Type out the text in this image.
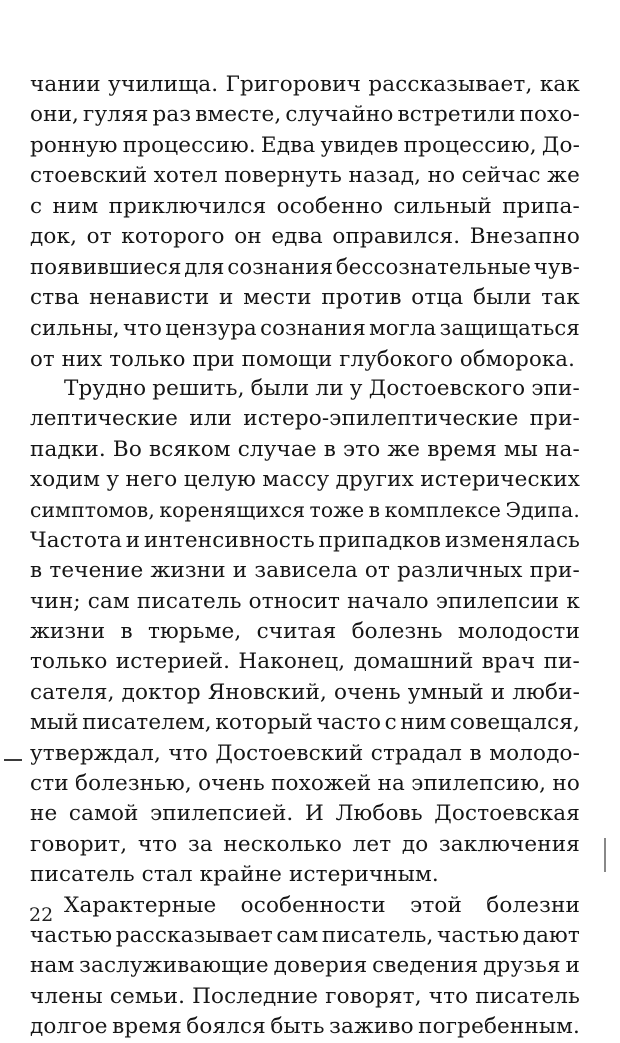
чании училища. Григорович рассказывает, как
они, гуляя раз вместе, случайно встретили похо-
ронную процессию. Едва увидев процессию, До-
стоевский хотел повернуть назад, но сейчас же
с ним приключился особенно сильный припа-
док, от которого он едва оправился. Внезапно
появившиеся для сознания бессознательные чув-
ства ненависти и мести против отца были так
сильны, что цензура сознания могла защищаться
от них только при помощи глубокого обморока.
Трудно решить, были ли у Достоевского эпи-
лептические или истеро-эпилептические при-
падки. Во всяком случае в это же время мы на-
ходим у него целую массу других истерических
симптомов, коренящихся тоже в комплексе Эдипа.
Частота и интенсивность припадков изменялась
в течение жизни и зависела от различных при-
чин; сам писатель относит начало эпилепсии к
жизни в тюрьме, считая болезнь молодости
только истерией. Наконец, домашний врач пи-
сателя, доктор Яновский, очень умный и люби-
мый писателем, который часто с ним совещался,
утверждал, что Достоевский страдал в молодо-
сти болезнью, очень похожей на эпилепсию, но
не самой эпилепсией. И Любовь Достоевская
говорит, что за несколько лет до заключения
писатель стал крайне истеричным.
Характерные особенности этой болезни
частью рассказывает сам писатель, частью дают
нам заслуживающие доверия сведения друзья и
члены семьи. Последние говорят, что писатель
долгое время боялся быть заживо погребенным.
22
